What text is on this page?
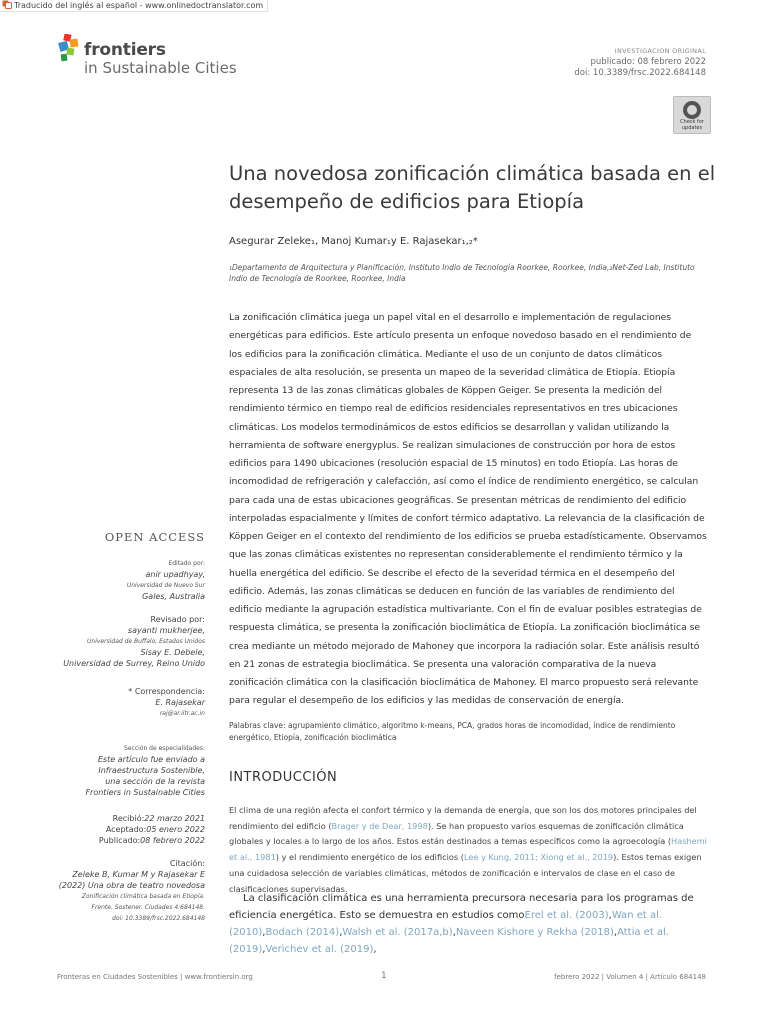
Traducido del inglés al español - www.onlinedoctranslator.com
frontiers
in Sustainable Cities
INVESTIGACION ORIGINAL
publicado: 08 febrero 2022
doi: 10.3389/frsc.2022.684148
Check for
updates
Una novedosa zonificación climática basada en el desempeño de edificios para Etiopía
Asegurar Zeleke₁, Manoj Kumar₁y E. Rajasekar₁,₂*
₁Departamento de Arquitectura y Planificación, Instituto Indio de Tecnología Roorkee, Roorkee, India,₂Net-Zed Lab, Instituto Indio de Tecnología de Roorkee, Roorkee, India

La zonificación climática juega un papel vital en el desarrollo e implementación de regulaciones energéticas para edificios. Este artículo presenta un enfoque novedoso basado en el rendimiento de los edificios para la zonificación climática. Mediante el uso de un conjunto de datos climáticos espaciales de alta resolución, se presenta un mapeo de la severidad climática de Etiopía. Etiopía representa 13 de las zonas climáticas globales de Köppen Geiger. Se presenta la medición del rendimiento térmico en tiempo real de edificios residenciales representativos en tres ubicaciones climáticas. Los modelos termodinámicos de estos edificios se desarrollan y validan utilizando la herramienta de software energyplus. Se realizan simulaciones de construcción por hora de estos edificios para 1490 ubicaciones (resolución espacial de 15 minutos) en todo Etiopía. Las horas de incomodidad de refrigeración y calefacción, así como el índice de rendimiento energético, se calculan para cada una de estas ubicaciones geográficas. Se presentan métricas de rendimiento del edificio interpoladas espacialmente y límites de confort térmico adaptativo. La relevancia de la clasificación de Köppen Geiger en el contexto del rendimiento de los edificios se prueba estadísticamente. Observamos que las zonas climáticas existentes no representan considerablemente el rendimiento térmico y la huella energética del edificio. Se describe el efecto de la severidad térmica en el desempeño del edificio. Además, las zonas climáticas se deducen en función de las variables de rendimiento del edificio mediante la agrupación estadística multivariante. Con el fin de evaluar posibles estrategias de respuesta climática, se presenta la zonificación bioclimática de Etiopía. La zonificación bioclimática se crea mediante un método mejorado de Mahoney que incorpora la radiación solar. Este análisis resultó en 21 zonas de estrategia bioclimática. Se presenta una valoración comparativa de la nueva zonificación climática con la clasificación bioclimática de Mahoney. El marco propuesto será relevante para regular el desempeño de los edificios y las medidas de conservación de energía.

Palabras clave: agrupamiento climático, algoritmo k-means, PCA, grados horas de incomodidad, índice de rendimiento energético, Etiopía, zonificación bioclimática
INTRODUCCIÓN

El clima de una región afecta el confort térmico y la demanda de energía, que son los dos motores principales del rendimiento del edificio (Brager y de Dear, 1998). Se han propuesto varios esquemas de zonificación climática globales y locales a lo largo de los años. Estos están destinados a temas específicos como la agroecología (Hashemi et al., 1981) y el rendimiento energético de los edificios (Lee y Kung, 2011; Xiong et al., 2019). Estos temas exigen una cuidadosa selección de variables climáticas, métodos de zonificación e intervalos de clase en el caso de clasificaciones supervisadas.

La clasificación climática es una herramienta precursora necesaria para los programas de eficiencia energética. Esto se demuestra en estudios comoErel et al. (2003),Wan et al. (2010),Bodach (2014),Walsh et al. (2017a,b),Naveen Kishore y Rekha (2018),Attia et al. (2019),Verichev et al. (2019),

OPEN ACCESS
Editado por:
anir upadhyay,
Universidad de Nuevo Sur
Gales, Australia
Revisado por:
sayanti mukherjee,
Universidad de Buffalo, Estados Unidos
Sisay E. Debele,
Universidad de Surrey, Reino Unido
* Correspondencia:
E. Rajasekar
raj@ar.iitr.ac.in
Sección de especialidades:
Este artículo fue enviado a
Infraestructura Sostenible,
una sección de la revista
Frontiers in Sustainable Cities
Recibió:22 marzo 2021
Aceptado:05 enero 2022
Publicado:08 febrero 2022
Citación:
Zeleke B, Kumar M y Rajasekar E
(2022) Una obra de teatro novedosa
Zonificación climática basada en Etiopía.
Frente. Sostener. Ciudades 4:684148.
doi: 10.3389/frsc.2022.684148
Fronteras en Ciudades Sostenibles | www.frontiersin.org	1	febrero 2022 | Volumen 4 | Artículo 684148
